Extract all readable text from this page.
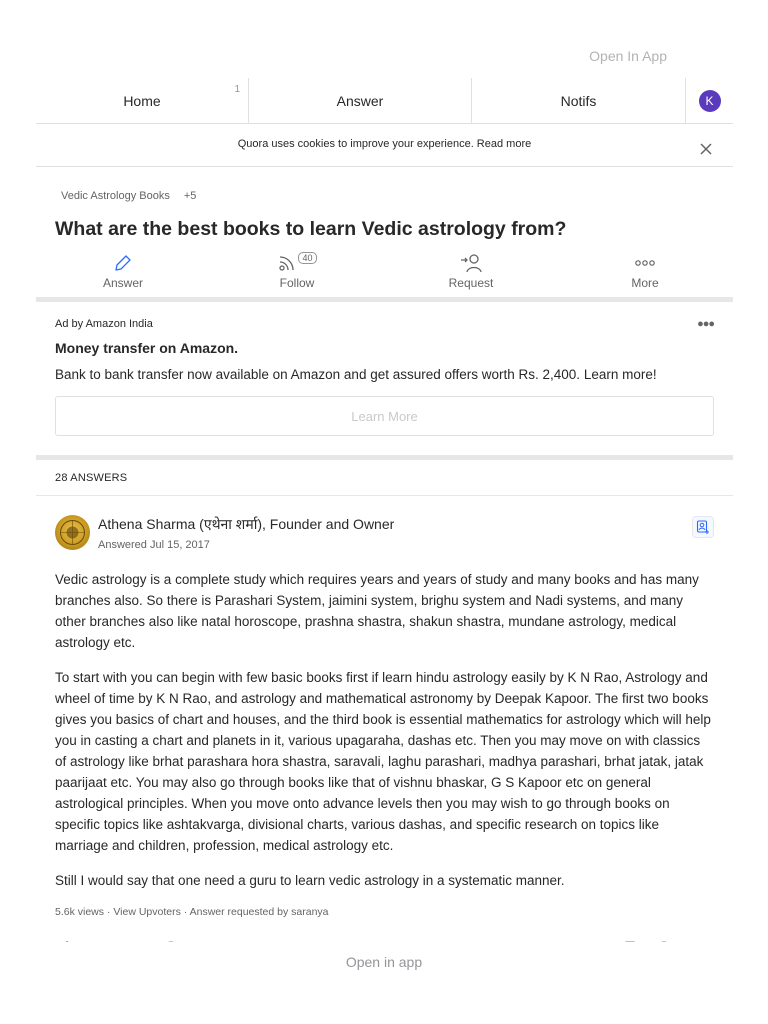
Open In App
Home
1
Answer	Notifs	K
Quora uses cookies to improve your experience. Read more
Vedic Astrology Books +5
What are the best books to learn Vedic astrology from?
Answer
40
Follow	Request	More
Ad by Amazon India	●●●
Money transfer on Amazon.
Bank to bank transfer now available on Amazon and get assured offers worth Rs. 2,400. Learn more!
Learn More
28 ANSWERS
Athena Sharma (एथेना शर्मा), Founder and Owner
Answered Jul 15, 2017

Vedic astrology is a complete study which requires years and years of study and many books and has many branches also. So there is Parashari System, jaimini system, brighu system and Nadi systems, and many other branches also like natal horoscope, prashna shastra, shakun shastra, mundane astrology, medical astrology etc.

To start with you can begin with few basic books first if learn hindu astrology easily by K N Rao, Astrology and wheel of time by K N Rao, and astrology and mathematical astronomy by Deepak Kapoor. The first two books gives you basics of chart and houses, and the third book is essential mathematics for astrology which will help you in casting a chart and planets in it, various upagaraha, dashas etc. Then you may move on with classics of astrology like brhat parashara hora shastra, saravali, laghu parashari, madhya parashari, brhat jatak, jatak paarijaat etc. You may also go through books like that of vishnu bhaskar, G S Kapoor etc on general astrological principles. When you move onto advance levels then you may wish to go through books on specific topics like ashtakvarga, divisional charts, various dashas, and specific research on topics like marriage and children, profession, medical astrology etc.

Still I would say that one need a guru to learn vedic astrology in a systematic manner.

5.6k views · View Upvoters · Answer requested by saranya
Open in app
